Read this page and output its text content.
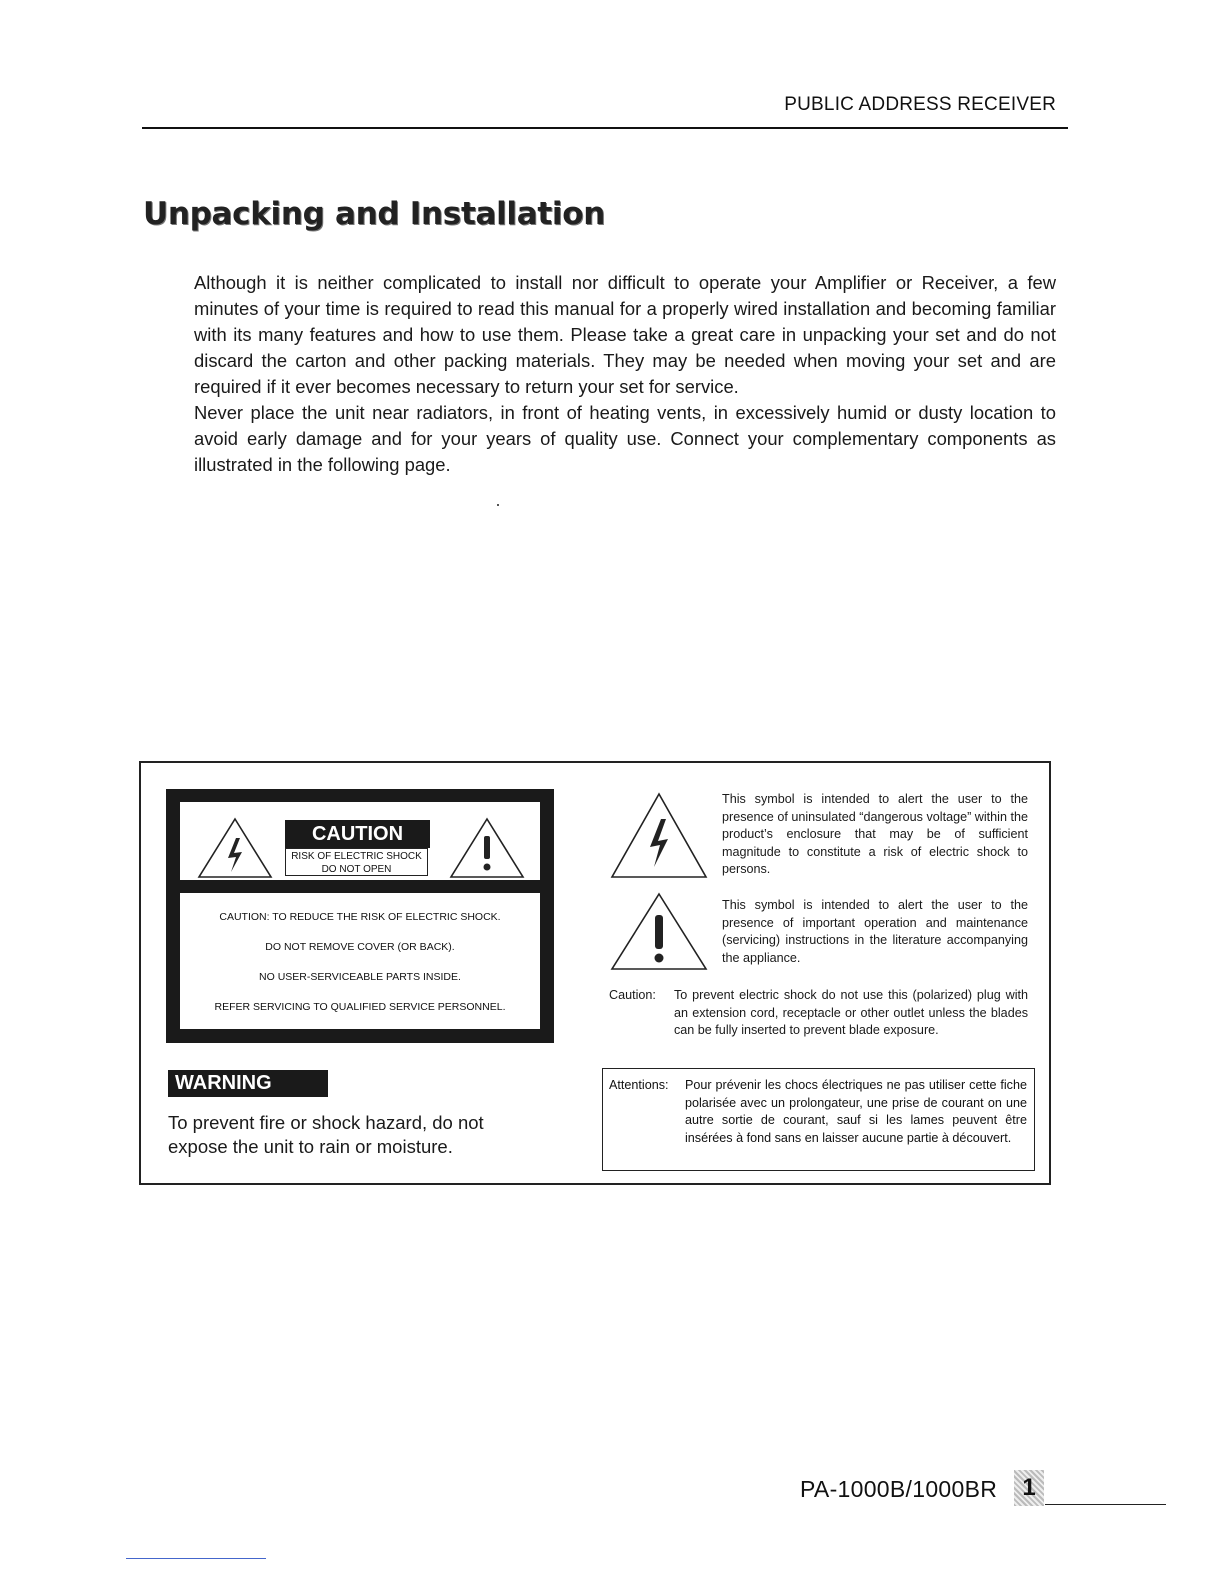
PUBLIC ADDRESS RECEIVER
Unpacking and Installation

Although it is neither complicated to install nor difficult to operate your Amplifier or Receiver, a few minutes of your time is required to read this manual for a properly wired installation and becoming familiar with its many features and how to use them. Please take a great care in unpacking your set and do not discard the carton and other packing materials. They may be needed when moving your set and are required if it ever becomes necessary to return your set for service.

Never place the unit near radiators, in front of heating vents, in excessively humid or dusty location to avoid early damage and for your years of quality use. Connect your complementary components as illustrated in the following page.

CAUTION
RISK OF ELECTRIC SHOCK
DO NOT OPEN
CAUTION: TO REDUCE THE RISK OF ELECTRIC SHOCK.
DO NOT REMOVE COVER (OR BACK).
NO USER-SERVICEABLE PARTS INSIDE.
REFER SERVICING TO QUALIFIED SERVICE PERSONNEL.
WARNING
To prevent fire or shock hazard, do not expose the unit to rain or moisture.
This symbol is intended to alert the user to the presence of uninsulated “dangerous voltage” within the product’s enclosure that may be of sufficient magnitude to constitute a risk of electric shock to persons.
This symbol is intended to alert the user to the presence of important operation and maintenance (servicing) instructions in the literature accompanying the appliance.
Caution: To prevent electric shock do not use this (polarized) plug with an extension cord, receptacle or other outlet unless the blades can be fully inserted to prevent blade exposure.
Attentions: Pour prévenir les chocs électriques ne pas utiliser cette fiche polarisée avec un prolongateur, une prise de courant on une autre sortie de courant, sauf si les lames peuvent être insérées à fond sans en laisser aucune partie à découvert.
PA-1000B/1000BR	1
